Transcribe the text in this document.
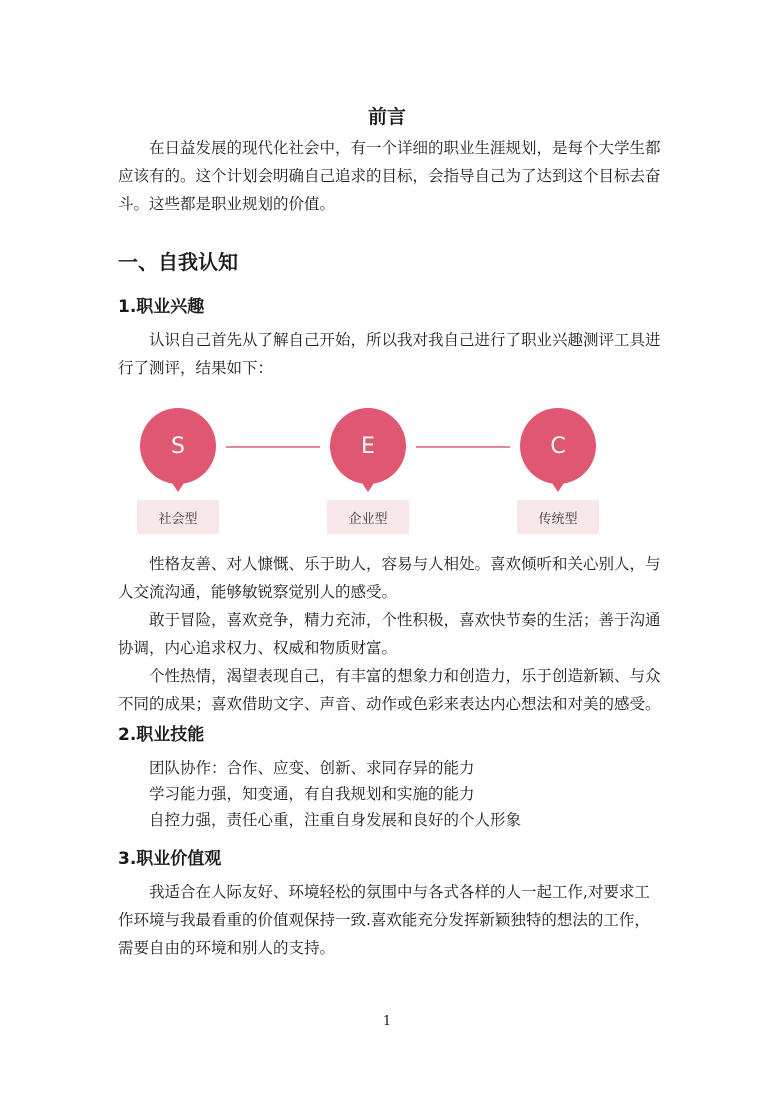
前言

在日益发展的现代化社会中，有一个详细的职业生涯规划，是每个大学生都应该有的。这个计划会明确自己追求的目标，会指导自己为了达到这个目标去奋斗。这些都是职业规划的价值。

一、自我认知
1.职业兴趣

认识自己首先从了解自己开始，所以我对我自己进行了职业兴趣测评工具进行了测评，结果如下：

S	E	C
社会型	企业型	传统型

性格友善、对人慷慨、乐于助人，容易与人相处。喜欢倾听和关心别人，与人交流沟通，能够敏锐察觉别人的感受。

敢于冒险，喜欢竞争，精力充沛，个性积极，喜欢快节奏的生活；善于沟通协调，内心追求权力、权威和物质财富。

个性热情，渴望表现自己，有丰富的想象力和创造力，乐于创造新颖、与众不同的成果；喜欢借助文字、声音、动作或色彩来表达内心想法和对美的感受。

2.职业技能
团队协作：合作、应变、创新、求同存异的能力
学习能力强，知变通，有自我规划和实施的能力
自控力强，责任心重，注重自身发展和良好的个人形象
3.职业价值观

我适合在人际友好、环境轻松的氛围中与各式各样的人一起工作,对要求工作环境与我最看重的价值观保持一致.喜欢能充分发挥新颖独特的想法的工作，需要自由的环境和别人的支持。

1
